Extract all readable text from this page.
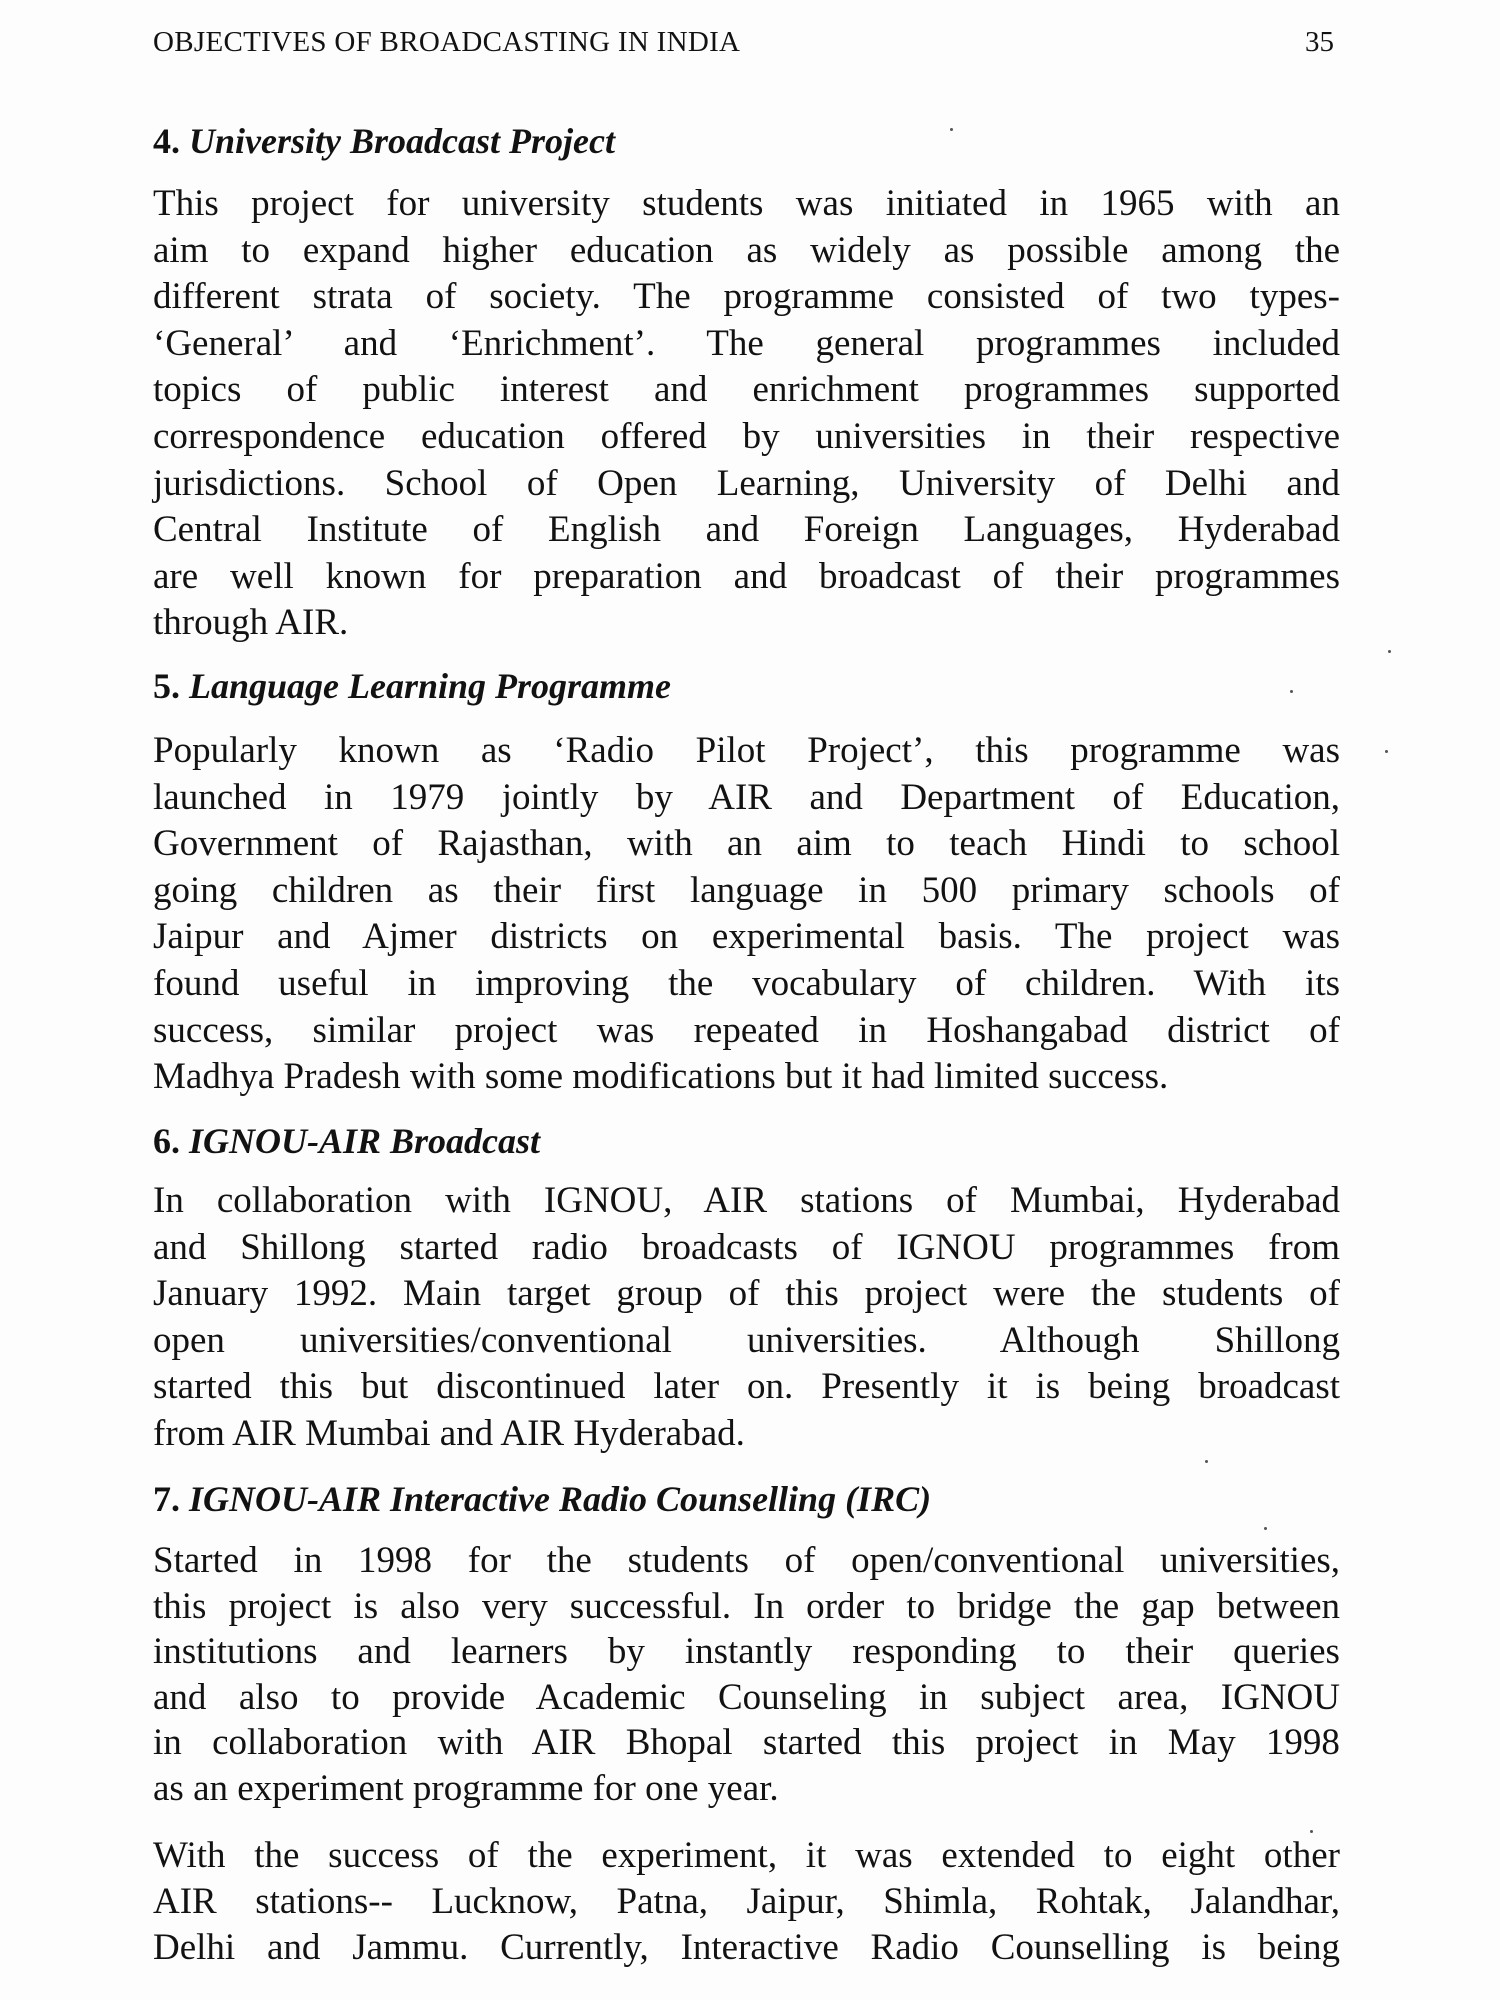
OBJECTIVES OF BROADCASTING IN INDIA	35
4. University Broadcast Project
This project for university students was initiated in 1965 with an
aim to expand higher education as widely as possible among the
different strata of society. The programme consisted of two types-
‘General’ and ‘Enrichment’. The general programmes included
topics of public interest and enrichment programmes supported
correspondence education offered by universities in their respective
jurisdictions. School of Open Learning, University of Delhi and
Central Institute of English and Foreign Languages, Hyderabad
are well known for preparation and broadcast of their programmes
through AIR.
5. Language Learning Programme
Popularly known as ‘Radio Pilot Project’, this programme was
launched in 1979 jointly by AIR and Department of Education,
Government of Rajasthan, with an aim to teach Hindi to school
going children as their first language in 500 primary schools of
Jaipur and Ajmer districts on experimental basis. The project was
found useful in improving the vocabulary of children. With its
success, similar project was repeated in Hoshangabad district of
Madhya Pradesh with some modifications but it had limited success.
6. IGNOU-AIR Broadcast
In collaboration with IGNOU, AIR stations of Mumbai, Hyderabad
and Shillong started radio broadcasts of IGNOU programmes from
January 1992. Main target group of this project were the students of
open universities/conventional universities. Although Shillong
started this but discontinued later on. Presently it is being broadcast
from AIR Mumbai and AIR Hyderabad.
7. IGNOU-AIR Interactive Radio Counselling (IRC)
Started in 1998 for the students of open/conventional universities,
this project is also very successful. In order to bridge the gap between
institutions and learners by instantly responding to their queries
and also to provide Academic Counseling in subject area, IGNOU
in collaboration with AIR Bhopal started this project in May 1998
as an experiment programme for one year.
With the success of the experiment, it was extended to eight other
AIR stations-- Lucknow, Patna, Jaipur, Shimla, Rohtak, Jalandhar,
Delhi and Jammu. Currently, Interactive Radio Counselling is being
